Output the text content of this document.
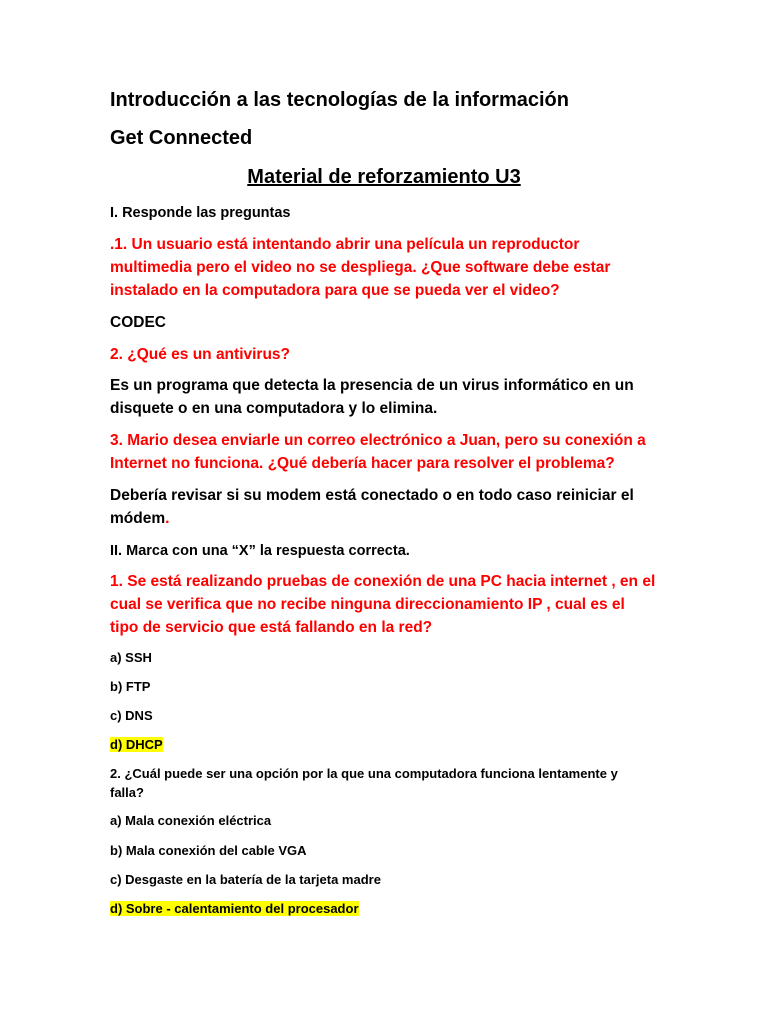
Introducción a las tecnologías de la información
Get Connected
Material de reforzamiento U3
I. Responde las preguntas
.1. Un usuario está intentando abrir una película un reproductor
multimedia pero el video no se despliega. ¿Que software debe estar
instalado en la computadora para que se pueda ver el video?
CODEC
2. ¿Qué es un antivirus?
Es un programa que detecta la presencia de un virus informático en un
disquete o en una computadora y lo elimina.
3. Mario desea enviarle un correo electrónico a Juan, pero su conexión a
Internet no funciona. ¿Qué debería hacer para resolver el problema?
Debería revisar si su modem está conectado o en todo caso reiniciar el
módem.
II. Marca con una “X” la respuesta correcta.
1. Se está realizando pruebas de conexión de una PC hacia internet , en el
cual se verifica que no recibe ninguna direccionamiento IP , cual es el
tipo de servicio que está fallando en la red?
a) SSH
b) FTP
c) DNS
d) DHCP
2. ¿Cuál puede ser una opción por la que una computadora funciona lentamente y
falla?
a) Mala conexión eléctrica
b) Mala conexión del cable VGA
c) Desgaste en la batería de la tarjeta madre
d) Sobre - calentamiento del procesador
